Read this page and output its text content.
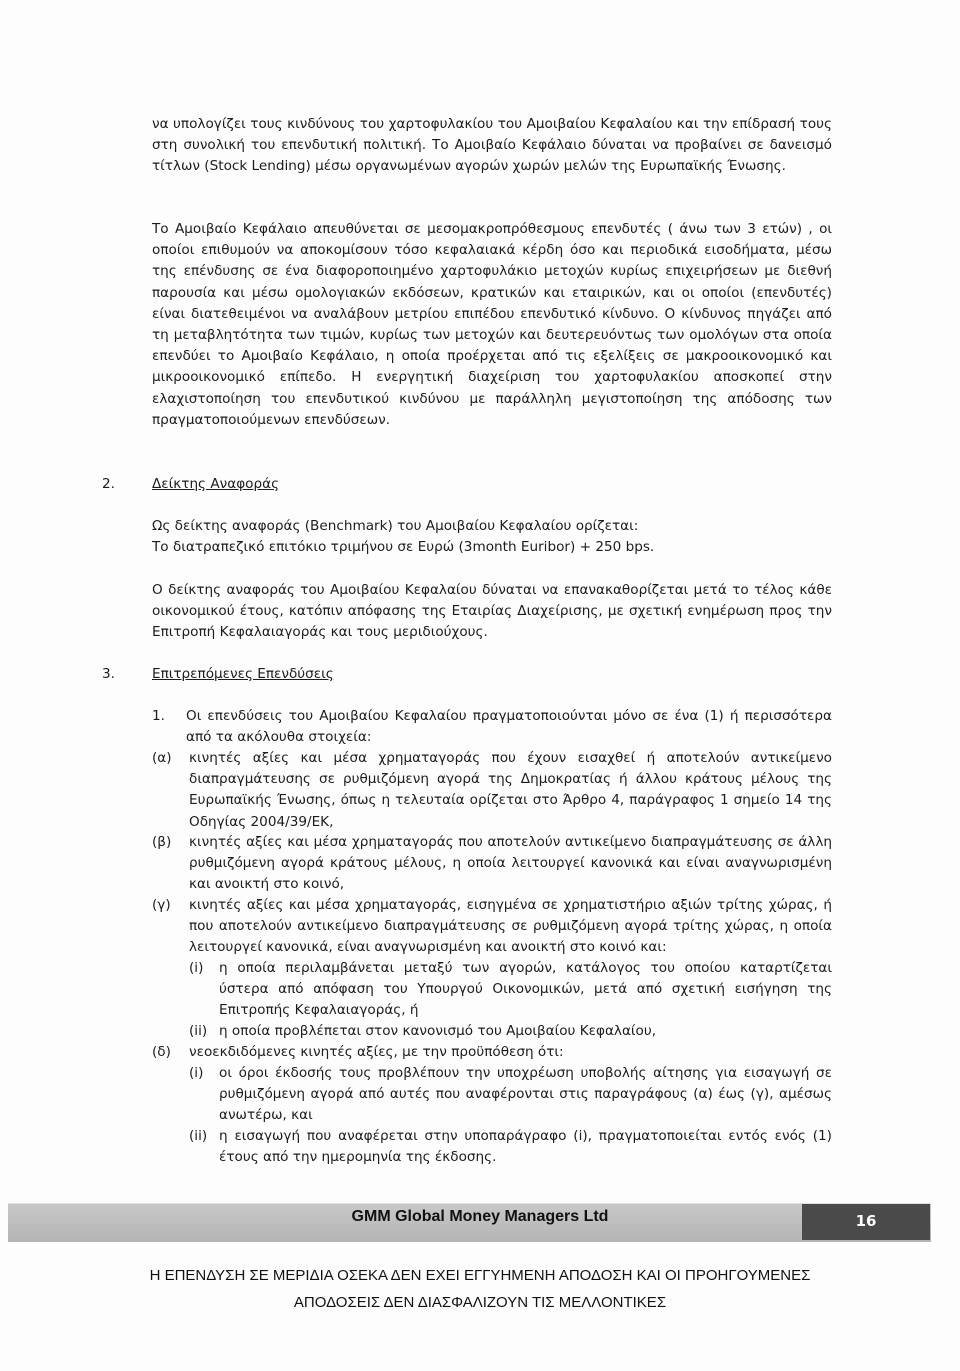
να υπολογίζει τους κινδύνους του χαρτοφυλακίου του Αμοιβαίου Κεφαλαίου και την επίδρασή τους στη συνολική του επενδυτική πολιτική. Το Αμοιβαίο Κεφάλαιο δύναται να προβαίνει σε δανεισμό τίτλων (Stock Lending) μέσω οργανωμένων αγορών χωρών μελών της Ευρωπαϊκής Ένωσης.

Το Αμοιβαίο Κεφάλαιο απευθύνεται σε μεσομακροπρόθεσμους επενδυτές ( άνω των 3 ετών) , οι οποίοι επιθυμούν να αποκομίσουν τόσο κεφαλαιακά κέρδη όσο και περιοδικά εισοδήματα, μέσω της επένδυσης σε ένα διαφοροποιημένο χαρτοφυλάκιο μετοχών κυρίως επιχειρήσεων με διεθνή παρουσία και μέσω ομολογιακών εκδόσεων, κρατικών και εταιρικών, και οι οποίοι (επενδυτές) είναι διατεθειμένοι να αναλάβουν μετρίου επιπέδου επενδυτικό κίνδυνο. Ο κίνδυνος πηγάζει από τη μεταβλητότητα των τιμών, κυρίως των μετοχών και δευτερευόντως των ομολόγων στα οποία επενδύει το Αμοιβαίο Κεφάλαιο, η οποία προέρχεται από τις εξελίξεις σε μακροοικονομικό και μικροοικονομικό επίπεδο. Η ενεργητική διαχείριση του χαρτοφυλακίου αποσκοπεί στην ελαχιστοποίηση του επενδυτικού κινδύνου με παράλληλη μεγιστοποίηση της απόδοσης των πραγματοποιούμενων επενδύσεων.

2.	Δείκτης Αναφοράς

Ως δείκτης αναφοράς (Benchmark) του Αμοιβαίου Κεφαλαίου ορίζεται:
Το διατραπεζικό επιτόκιο τριμήνου σε Ευρώ (3month Euribor) + 250 bps.

Ο δείκτης αναφοράς του Αμοιβαίου Κεφαλαίου δύναται να επανακαθορίζεται μετά το τέλος κάθε οικονομικού έτους, κατόπιν απόφασης της Εταιρίας Διαχείρισης, με σχετική ενημέρωση προς την Επιτροπή Κεφαλαιαγοράς και τους μεριδιούχους.

3.	Επιτρεπόμενες Επενδύσεις
1. Οι επενδύσεις του Αμοιβαίου Κεφαλαίου πραγματοποιούνται μόνο σε ένα (1) ή περισσότερα από τα ακόλουθα στοιχεία:
(α) κινητές αξίες και μέσα χρηματαγοράς που έχουν εισαχθεί ή αποτελούν αντικείμενο διαπραγμάτευσης σε ρυθμιζόμενη αγορά της Δημοκρατίας ή άλλου κράτους μέλους της Ευρωπαϊκής Ένωσης, όπως η τελευταία ορίζεται στο Άρθρο 4, παράγραφος 1 σημείο 14 της Οδηγίας 2004/39/ΕΚ,
(β) κινητές αξίες και μέσα χρηματαγοράς που αποτελούν αντικείμενο διαπραγμάτευσης σε άλλη ρυθμιζόμενη αγορά κράτους μέλους, η οποία λειτουργεί κανονικά και είναι αναγνωρισμένη και ανοικτή στο κοινό,
(γ) κινητές αξίες και μέσα χρηματαγοράς, εισηγμένα σε χρηματιστήριο αξιών τρίτης χώρας, ή που αποτελούν αντικείμενο διαπραγμάτευσης σε ρυθμιζόμενη αγορά τρίτης χώρας, η οποία λειτουργεί κανονικά, είναι αναγνωρισμένη και ανοικτή στο κοινό και:
(i) η οποία περιλαμβάνεται μεταξύ των αγορών, κατάλογος του οποίου καταρτίζεται ύστερα από απόφαση του Υπουργού Οικονομικών, μετά από σχετική εισήγηση της Επιτροπής Κεφαλαιαγοράς, ή
(ii) η οποία προβλέπεται στον κανονισμό του Αμοιβαίου Κεφαλαίου,
(δ) νεοεκδιδόμενες κινητές αξίες, με την προϋπόθεση ότι:
(i) οι όροι έκδοσής τους προβλέπουν την υποχρέωση υποβολής αίτησης για εισαγωγή σε ρυθμιζόμενη αγορά από αυτές που αναφέρονται στις παραγράφους (α) έως (γ), αμέσως ανωτέρω, και
(ii) η εισαγωγή που αναφέρεται στην υποπαράγραφο (i), πραγματοποιείται εντός ενός (1) έτους από την ημερομηνία της έκδοσης.
GMM Global Money Managers Ltd	16
Η ΕΠΕΝΔΥΣΗ ΣΕ ΜΕΡΙΔΙΑ ΟΣΕΚΑ ΔΕΝ ΕΧΕΙ ΕΓΓΥΗΜΕΝΗ ΑΠΟΔΟΣΗ ΚΑΙ ΟΙ ΠΡΟΗΓΟΥΜΕΝΕΣ
ΑΠΟΔΟΣΕΙΣ ΔΕΝ ΔΙΑΣΦΑΛΙΖΟΥΝ ΤΙΣ ΜΕΛΛΟΝΤΙΚΕΣ
